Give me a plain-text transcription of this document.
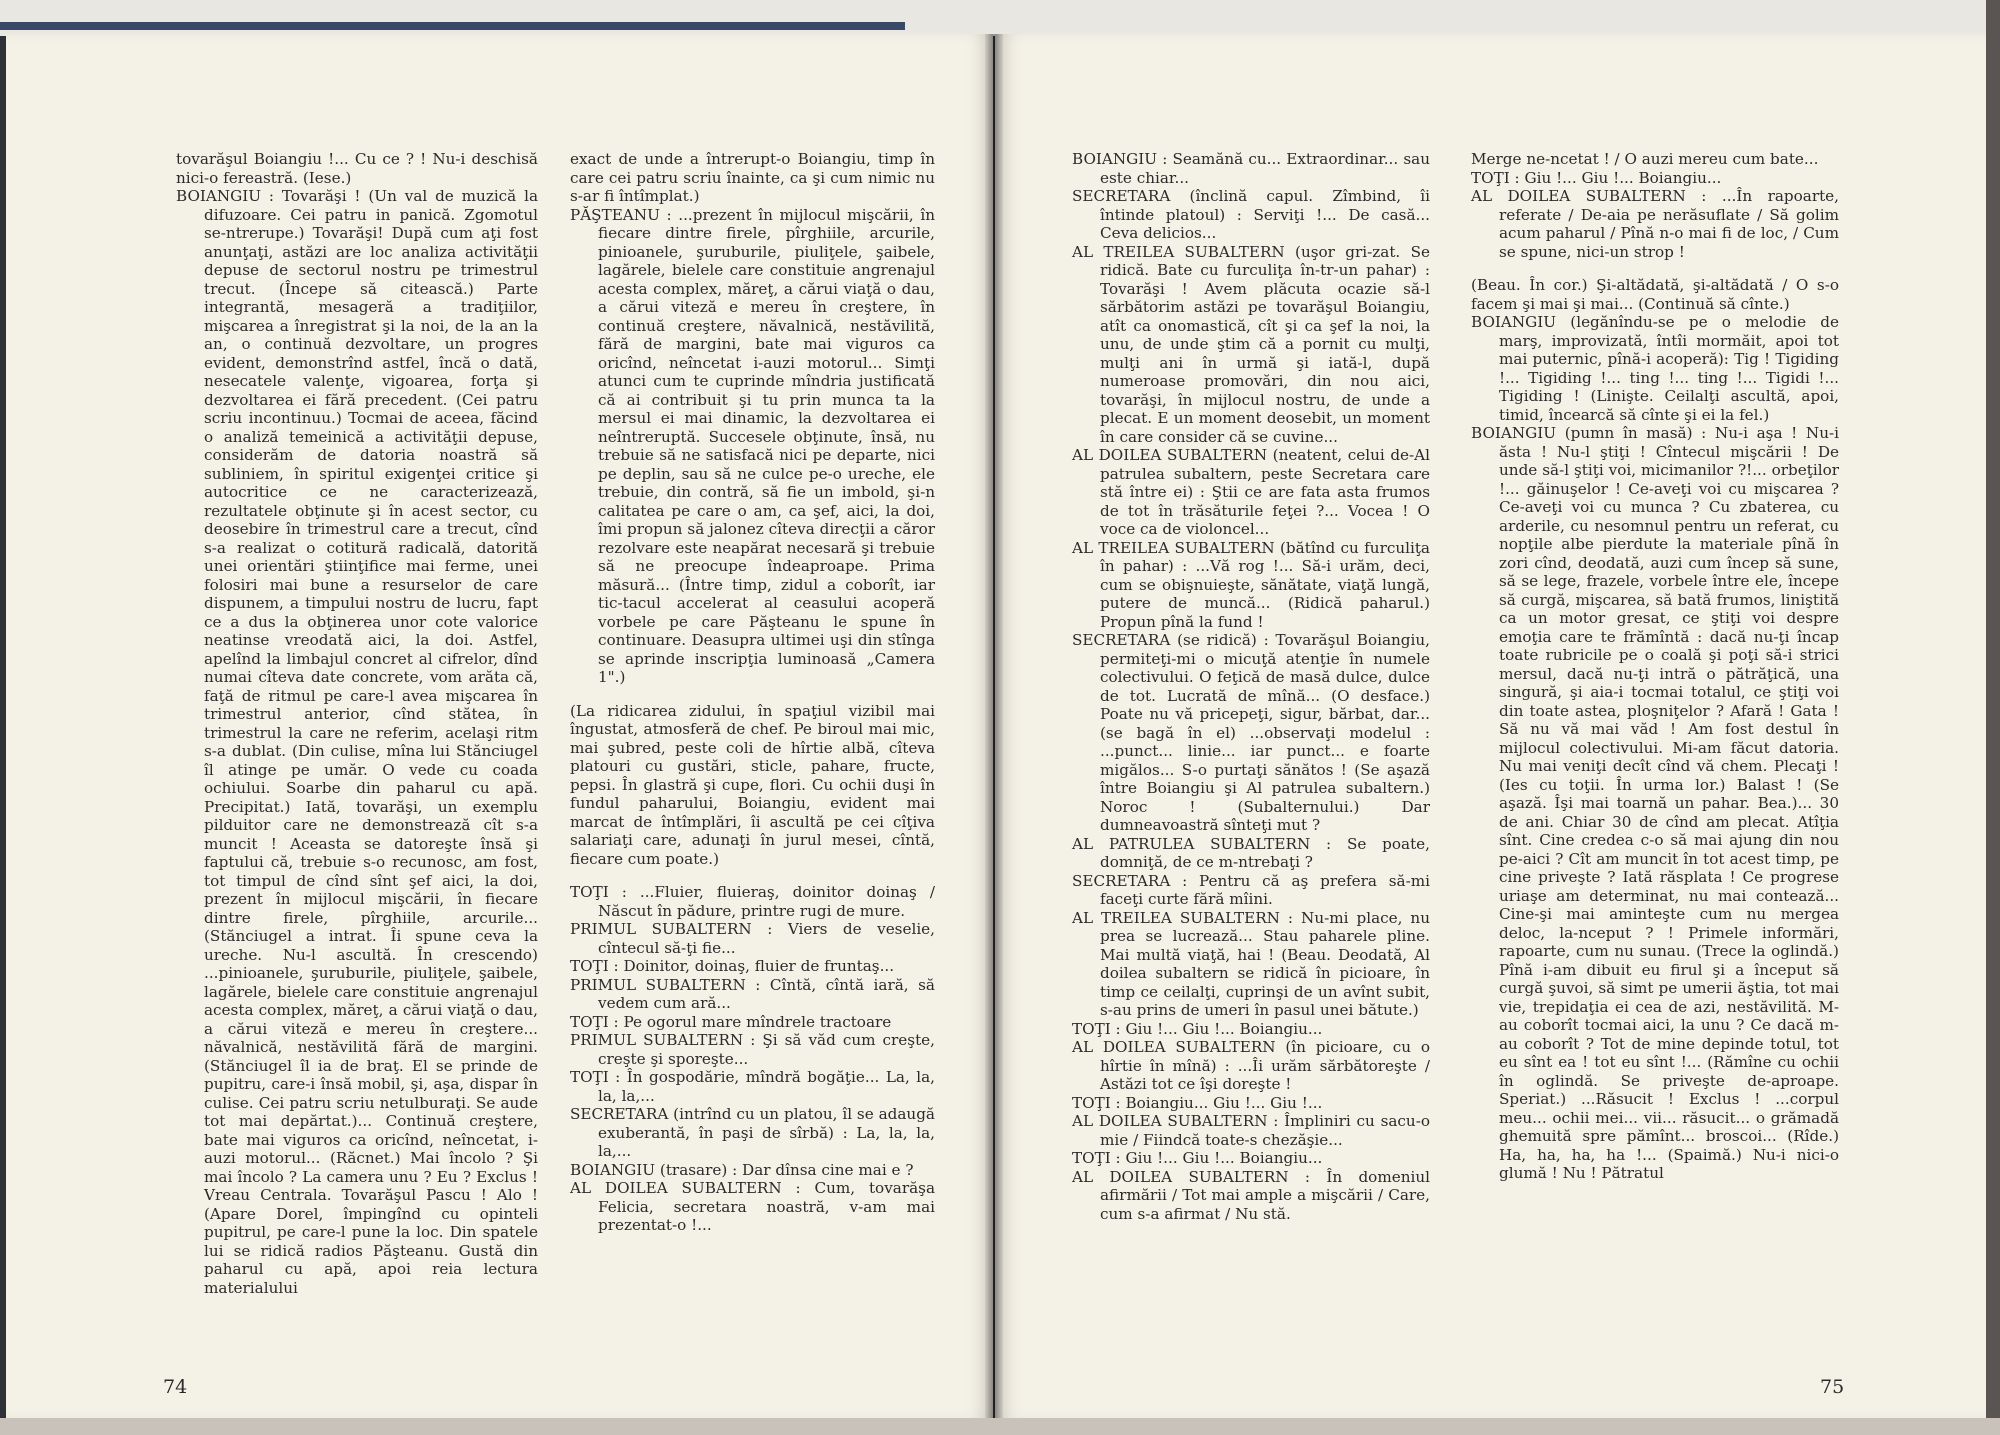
tovarăşul Boiangiu !... Cu ce ? ! Nu-i deschisă nici-o fereastră. (Iese.)

BOIANGIU : Tovarăşi ! (Un val de muzică la difuzoare. Cei patru in panică. Zgomotul se-ntrerupe.) Tovarăşi! După cum aţi fost anunţaţi, astăzi are loc analiza activităţii depuse de sectorul nostru pe trimestrul trecut. (Începe să citească.) Parte integrantă, mesageră a tradiţiilor, mişcarea a înregistrat şi la noi, de la an la an, o continuă dezvoltare, un progres evident, demonstrînd astfel, încă o dată, nesecatele valenţe, vigoarea, forţa şi dezvoltarea ei fără precedent. (Cei patru scriu incontinuu.) Tocmai de aceea, făcind o analiză temeinică a activităţii depuse, considerăm de datoria noastră să subliniem, în spiritul exigenţei critice şi autocritice ce ne caracterizează, rezultatele obţinute şi în acest sector, cu deosebire în trimestrul care a trecut, cînd s-a realizat o cotitură radicală, datorită unei orientări ştiinţifice mai ferme, unei folosiri mai bune a resurselor de care dispunem, a timpului nostru de lucru, fapt ce a dus la obţinerea unor cote valorice neatinse vreodată aici, la doi. Astfel, apelînd la limbajul concret al cifrelor, dînd numai cîteva date concrete, vom arăta că, faţă de ritmul pe care-l avea mişcarea în trimestrul anterior, cînd stătea, în trimestrul la care ne referim, acelaşi ritm s-a dublat. (Din culise, mîna lui Stănciugel îl atinge pe umăr. O vede cu coada ochiului. Soarbe din paharul cu apă. Precipitat.) Iată, tovarăşi, un exemplu pilduitor care ne demonstrează cît s-a muncit ! Aceasta se datoreşte însă şi faptului că, trebuie s-o recunosc, am fost, tot timpul de cînd sînt şef aici, la doi, prezent în mijlocul mişcării, în fiecare dintre firele, pîrghiile, arcurile... (Stănciugel a intrat. Îi spune ceva la ureche. Nu-l ascultă. În crescendo) ...pinioanele, şuruburile, piuliţele, şaibele, lagărele, bielele care constituie angrenajul acesta complex, măreţ, a cărui viaţă o dau, a cărui viteză e mereu în creştere... năvalnică, nestăvilită fără de margini. (Stănciugel îl ia de braţ. El se prinde de pupitru, care-i însă mobil, şi, aşa, dispar în culise. Cei patru scriu netulburaţi. Se aude tot mai depărtat.)... Continuă creştere, bate mai viguros ca oricînd, neîncetat, i-auzi motorul... (Răcnet.) Mai încolo ? Şi mai încolo ? La camera unu ? Eu ? Exclus ! Vreau Centrala. Tovarăşul Pascu ! Alo ! (Apare Dorel, împingînd cu opinteli pupitrul, pe care-l pune la loc. Din spatele lui se ridică radios Păşteanu. Gustă din paharul cu apă, apoi reia lectura materialului

exact de unde a întrerupt-o Boiangiu, timp în care cei patru scriu înainte, ca şi cum nimic nu s-ar fi întîmplat.)

PĂŞTEANU : ...prezent în mijlocul mişcării, în fiecare dintre firele, pîrghiile, arcurile, pinioanele, şuruburile, piuliţele, şaibele, lagărele, bielele care constituie angrenajul acesta complex, măreţ, a cărui viaţă o dau, a cărui viteză e mereu în creştere, în continuă creştere, năvalnică, nestăvilită, fără de margini, bate mai viguros ca oricînd, neîncetat i-auzi motorul... Simţi atunci cum te cuprinde mîndria justificată că ai contribuit şi tu prin munca ta la mersul ei mai dinamic, la dezvoltarea ei neîntreruptă. Succesele obţinute, însă, nu trebuie să ne satisfacă nici pe departe, nici pe deplin, sau să ne culce pe-o ureche, ele trebuie, din contră, să fie un imbold, şi-n calitatea pe care o am, ca şef, aici, la doi, îmi propun să jalonez cîteva direcţii a căror rezolvare este neapărat necesară şi trebuie să ne preocupe îndeaproape. Prima măsură... (Între timp, zidul a coborît, iar tic-tacul accelerat al ceasului acoperă vorbele pe care Păşteanu le spune în continuare. Deasupra ultimei uşi din stînga se aprinde inscripţia luminoasă „Camera 1".)

(La ridicarea zidului, în spaţiul vizibil mai îngustat, atmosferă de chef. Pe biroul mai mic, mai şubred, peste coli de hîrtie albă, cîteva platouri cu gustări, sticle, pahare, fructe, pepsi. În glastră şi cupe, flori. Cu ochii duşi în fundul paharului, Boiangiu, evident mai marcat de întîmplări, îi ascultă pe cei cîţiva salariaţi care, adunaţi în jurul mesei, cîntă, fiecare cum poate.)

TOŢI : ...Fluier, fluieraş, doinitor doinaş / Născut în pădure, printre rugi de mure.

PRIMUL SUBALTERN : Viers de veselie, cîntecul să-ţi fie...

TOŢI : Doinitor, doinaş, fluier de fruntaş...

PRIMUL SUBALTERN : Cîntă, cîntă iară, să vedem cum ară...

TOŢI : Pe ogorul mare mîndrele tractoare

PRIMUL SUBALTERN : Şi să văd cum creşte, creşte şi sporeşte...

TOŢI : În gospodărie, mîndră bogăţie... La, la, la, la,...

SECRETARA (intrînd cu un platou, îl se adaugă exuberantă, în paşi de sîrbă) : La, la, la, la,...

BOIANGIU (trasare) : Dar dînsa cine mai e ?

AL DOILEA SUBALTERN : Cum, tovarăşa Felicia, secretara noastră, v-am mai prezentat-o !...

74

BOIANGIU : Seamănă cu... Extraordinar... sau este chiar...

SECRETARA (înclină capul. Zîmbind, îi întinde platoul) : Serviţi !... De casă... Ceva delicios...

AL TREILEA SUBALTERN (uşor gri-zat. Se ridică. Bate cu furculiţa în-tr-un pahar) : Tovarăşi ! Avem plăcuta ocazie să-l sărbătorim astăzi pe tovarăşul Boiangiu, atît ca onomastică, cît şi ca şef la noi, la unu, de unde ştim că a pornit cu mulţi, mulţi ani în urmă şi iată-l, după numeroase promovări, din nou aici, tovarăşi, în mijlocul nostru, de unde a plecat. E un moment deosebit, un moment în care consider că se cuvine...

AL DOILEA SUBALTERN (neatent, celui de-Al patrulea subaltern, peste Secretara care stă între ei) : Ştii ce are fata asta frumos de tot în trăsăturile feţei ?... Vocea ! O voce ca de violoncel...

AL TREILEA SUBALTERN (bătînd cu furculiţa în pahar) : ...Vă rog !... Să-i urăm, deci, cum se obişnuieşte, sănătate, viaţă lungă, putere de muncă... (Ridică paharul.) Propun pînă la fund !

SECRETARA (se ridică) : Tovarăşul Boiangiu, permiteţi-mi o micuţă atenţie în numele colectivului. O feţică de masă dulce, dulce de tot. Lucrată de mînă... (O desface.) Poate nu vă pricepeţi, sigur, bărbat, dar... (se bagă în el) ...observaţi modelul : ...punct... linie... iar punct... e foarte migălos... S-o purtaţi sănătos ! (Se aşază între Boiangiu şi Al patrulea subaltern.) Noroc ! (Subalternului.) Dar dumneavoastră sînteţi mut ?

AL PATRULEA SUBALTERN : Se poate, domniţă, de ce m-ntrebaţi ?

SECRETARA : Pentru că aş prefera să-mi faceţi curte fără mîini.

AL TREILEA SUBALTERN : Nu-mi place, nu prea se lucrează... Stau paharele pline. Mai multă viaţă, hai ! (Beau. Deodată, Al doilea subaltern se ridică în picioare, în timp ce ceilalţi, cuprinşi de un avînt subit, s-au prins de umeri în pasul unei bătute.)

TOŢI : Giu !... Giu !... Boiangiu...

AL DOILEA SUBALTERN (în picioare, cu o hîrtie în mînă) : ...Îi urăm sărbătoreşte / Astăzi tot ce îşi doreşte !

TOŢI : Boiangiu... Giu !... Giu !...

AL DOILEA SUBALTERN : Împliniri cu sacu-o mie / Fiindcă toate-s chezăşie...

TOŢI : Giu !... Giu !... Boiangiu...

AL DOILEA SUBALTERN : În domeniul afirmării / Tot mai ample a mişcării / Care, cum s-a afirmat / Nu stă.

Merge ne-ncetat ! / O auzi mereu cum bate...

TOŢI : Giu !... Giu !... Boiangiu...

AL DOILEA SUBALTERN : ...În rapoarte, referate / De-aia pe nerăsuflate / Să golim acum paharul / Pînă n-o mai fi de loc, / Cum se spune, nici-un strop !

(Beau. În cor.) Şi-altădată, şi-altădată / O s-o facem şi mai şi mai... (Continuă să cînte.)

BOIANGIU (legănîndu-se pe o melodie de marş, improvizată, întîi mormăit, apoi tot mai puternic, pînă-i acoperă): Tig ! Tigiding !... Tigiding !... ting !... ting !... Tigidi !... Tigiding ! (Linişte. Ceilalţi ascultă, apoi, timid, încearcă să cînte şi ei la fel.)

BOIANGIU (pumn în masă) : Nu-i aşa ! Nu-i ăsta ! Nu-l ştiţi ! Cîntecul mişcării ! De unde să-l ştiţi voi, micimanilor ?!... orbeţilor !... găinuşelor ! Ce-aveţi voi cu mişcarea ? Ce-aveţi voi cu munca ? Cu zbaterea, cu arderile, cu nesomnul pentru un referat, cu nopţile albe pierdute la materiale pînă în zori cînd, deodată, auzi cum încep să sune, să se lege, frazele, vorbele între ele, începe să curgă, mişcarea, să bată frumos, liniştită ca un motor gresat, ce ştiţi voi despre emoţia care te frămîntă : dacă nu-ţi încap toate rubricile pe o coală şi poţi să-i strici mersul, dacă nu-ţi intră o pătrăţică, una singură, şi aia-i tocmai totalul, ce ştiţi voi din toate astea, ploşniţelor ? Afară ! Gata ! Să nu vă mai văd ! Am fost destul în mijlocul colectivului. Mi-am făcut datoria. Nu mai veniţi decît cînd vă chem. Plecaţi ! (Ies cu toţii. În urma lor.) Balast ! (Se aşază. Îşi mai toarnă un pahar. Bea.)... 30 de ani. Chiar 30 de cînd am plecat. Atîţia sînt. Cine credea c-o să mai ajung din nou pe-aici ? Cît am muncit în tot acest timp, pe cine priveşte ? Iată răsplata ! Ce progrese uriaşe am determinat, nu mai contează... Cine-şi mai aminteşte cum nu mergea deloc, la-nceput ? ! Primele informări, rapoarte, cum nu sunau. (Trece la oglindă.) Pînă i-am dibuit eu firul şi a început să curgă şuvoi, să simt pe umerii ăştia, tot mai vie, trepidaţia ei cea de azi, nestăvilită. M-au coborît tocmai aici, la unu ? Ce dacă m-au coborît ? Tot de mine depinde totul, tot eu sînt ea ! tot eu sînt !... (Rămîne cu ochii în oglindă. Se priveşte de-aproape. Speriat.) ...Răsucit ! Exclus ! ...corpul meu... ochii mei... vii... răsucit... o grămadă ghemuită spre pămînt... broscoi... (Rîde.) Ha, ha, ha, ha !... (Spaimă.) Nu-i nici-o glumă ! Nu ! Pătratul

75
